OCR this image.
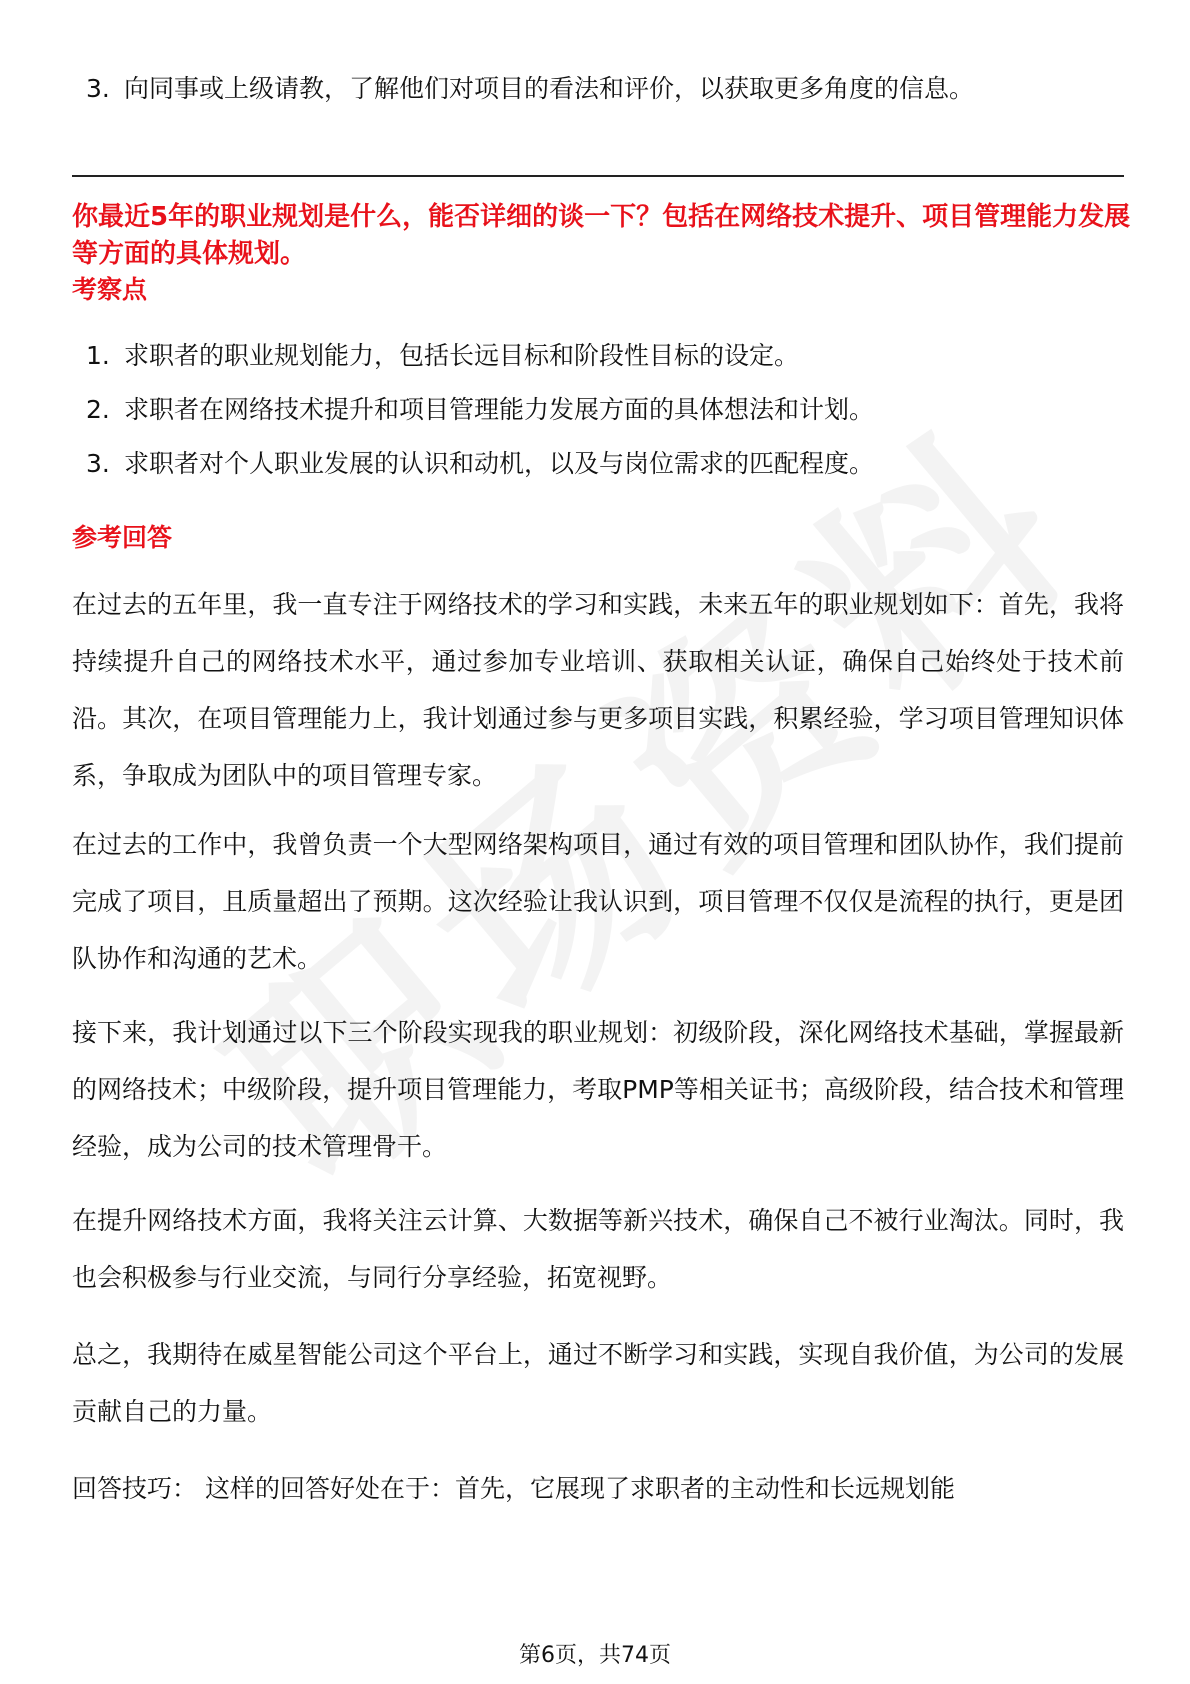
3. 向同事或上级请教，了解他们对项目的看法和评价，以获取更多角度的信息。
你最近5年的职业规划是什么，能否详细的谈一下？包括在网络技术提升、项目管理能力发展等方面的具体规划。
考察点
1. 求职者的职业规划能力，包括长远目标和阶段性目标的设定。
2. 求职者在网络技术提升和项目管理能力发展方面的具体想法和计划。
3. 求职者对个人职业发展的认识和动机，以及与岗位需求的匹配程度。
参考回答
在过去的五年里，我一直专注于网络技术的学习和实践，未来五年的职业规划如下：首先，我将持续提升自己的网络技术水平，通过参加专业培训、获取相关认证，确保自己始终处于技术前沿。其次，在项目管理能力上，我计划通过参与更多项目实践，积累经验，学习项目管理知识体系，争取成为团队中的项目管理专家。
在过去的工作中，我曾负责一个大型网络架构项目，通过有效的项目管理和团队协作，我们提前完成了项目，且质量超出了预期。这次经验让我认识到，项目管理不仅仅是流程的执行，更是团队协作和沟通的艺术。
接下来，我计划通过以下三个阶段实现我的职业规划：初级阶段，深化网络技术基础，掌握最新的网络技术；中级阶段，提升项目管理能力，考取PMP等相关证书；高级阶段，结合技术和管理经验，成为公司的技术管理骨干。
在提升网络技术方面，我将关注云计算、大数据等新兴技术，确保自己不被行业淘汰。同时，我也会积极参与行业交流，与同行分享经验，拓宽视野。
总之，我期待在威星智能公司这个平台上，通过不断学习和实践，实现自我价值，为公司的发展贡献自己的力量。
回答技巧： 这样的回答好处在于：首先，它展现了求职者的主动性和长远规划能
第6页，共74页
